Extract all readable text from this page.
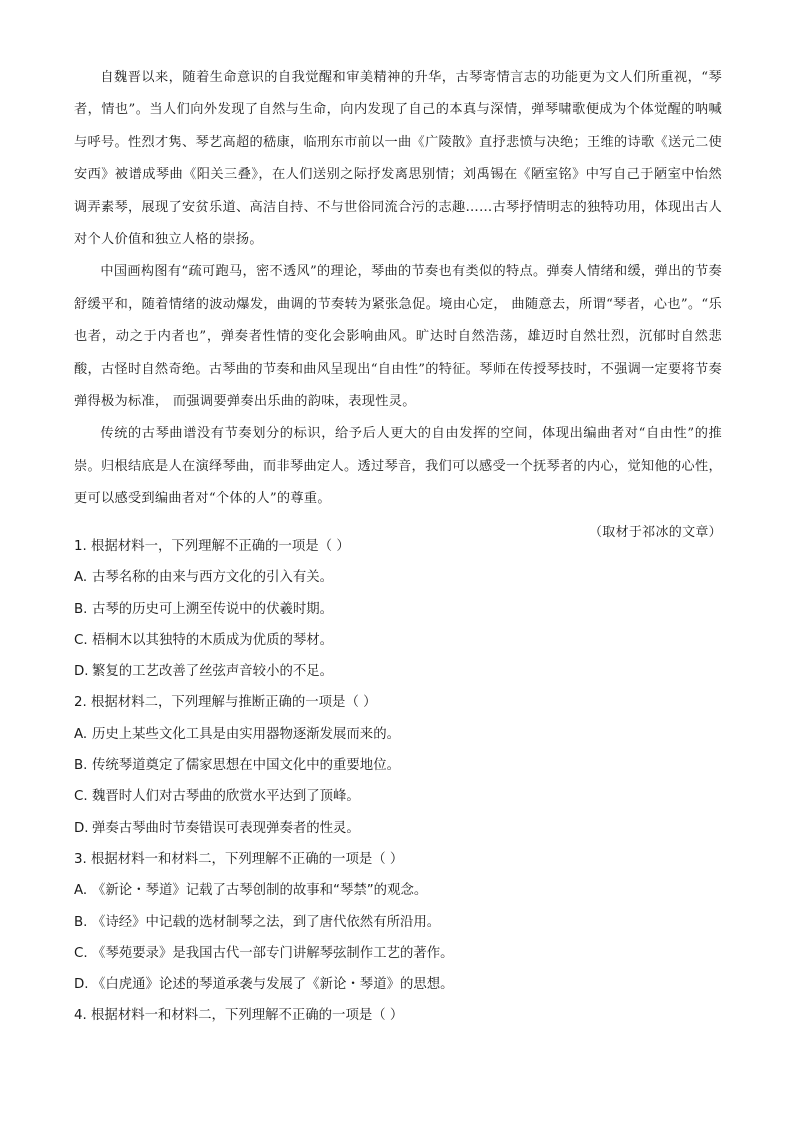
自魏晋以来，随着生命意识的自我觉醒和审美精神的升华，古琴寄情言志的功能更为文人们所重视，“琴者，情也”。当人们向外发现了自然与生命，向内发现了自己的本真与深情，弹琴啸歌便成为个体觉醒的呐喊与呼号。性烈才隽、琴艺高超的嵇康，临刑东市前以一曲《广陵散》直抒悲愤与决绝；王维的诗歌《送元二使安西》被谱成琴曲《阳关三叠》，在人们送别之际抒发离思别情；刘禹锡在《陋室铭》中写自己于陋室中怡然调弄素琴，展现了安贫乐道、高洁自持、不与世俗同流合污的志趣……古琴抒情明志的独特功用，体现出古人对个人价值和独立人格的崇扬。

中国画构图有“疏可跑马，密不透风”的理论，琴曲的节奏也有类似的特点。弹奏人情绪和缓，弹出的节奏舒缓平和，随着情绪的波动爆发，曲调的节奏转为紧张急促。境由心定， 曲随意去，所谓“琴者，心也”。“乐也者，动之于内者也”，弹奏者性情的变化会影响曲风。旷达时自然浩荡，雄迈时自然壮烈，沉郁时自然悲酸，古怪时自然奇绝。古琴曲的节奏和曲风呈现出“自由性”的特征。琴师在传授琴技时，不强调一定要将节奏弹得极为标准， 而强调要弹奏出乐曲的韵味，表现性灵。

传统的古琴曲谱没有节奏划分的标识，给予后人更大的自由发挥的空间，体现出编曲者对“自由性”的推崇。归根结底是人在演绎琴曲，而非琴曲定人。透过琴音，我们可以感受一个抚琴者的内心，觉知他的心性，更可以感受到编曲者对“个体的人”的尊重。

（取材于祁冰的文章）
1. 根据材料一，下列理解不正确的一项是（ ）
A. 古琴名称的由来与西方文化的引入有关。
B. 古琴的历史可上溯至传说中的伏羲时期。
C. 梧桐木以其独特的木质成为优质的琴材。
D. 繁复的工艺改善了丝弦声音较小的不足。
2. 根据材料二，下列理解与推断正确的一项是（ ）
A. 历史上某些文化工具是由实用器物逐渐发展而来的。
B. 传统琴道奠定了儒家思想在中国文化中的重要地位。
C. 魏晋时人们对古琴曲的欣赏水平达到了顶峰。
D. 弹奏古琴曲时节奏错误可表现弹奏者的性灵。
3. 根据材料一和材料二，下列理解不正确的一项是（ ）
A. 《新论・琴道》记载了古琴创制的故事和“琴禁”的观念。
B. 《诗经》中记载的选材制琴之法，到了唐代依然有所沿用。
C. 《琴苑要录》是我国古代一部专门讲解琴弦制作工艺的著作。
D. 《白虎通》论述的琴道承袭与发展了《新论・琴道》的思想。
4. 根据材料一和材料二，下列理解不正确的一项是（ ）
